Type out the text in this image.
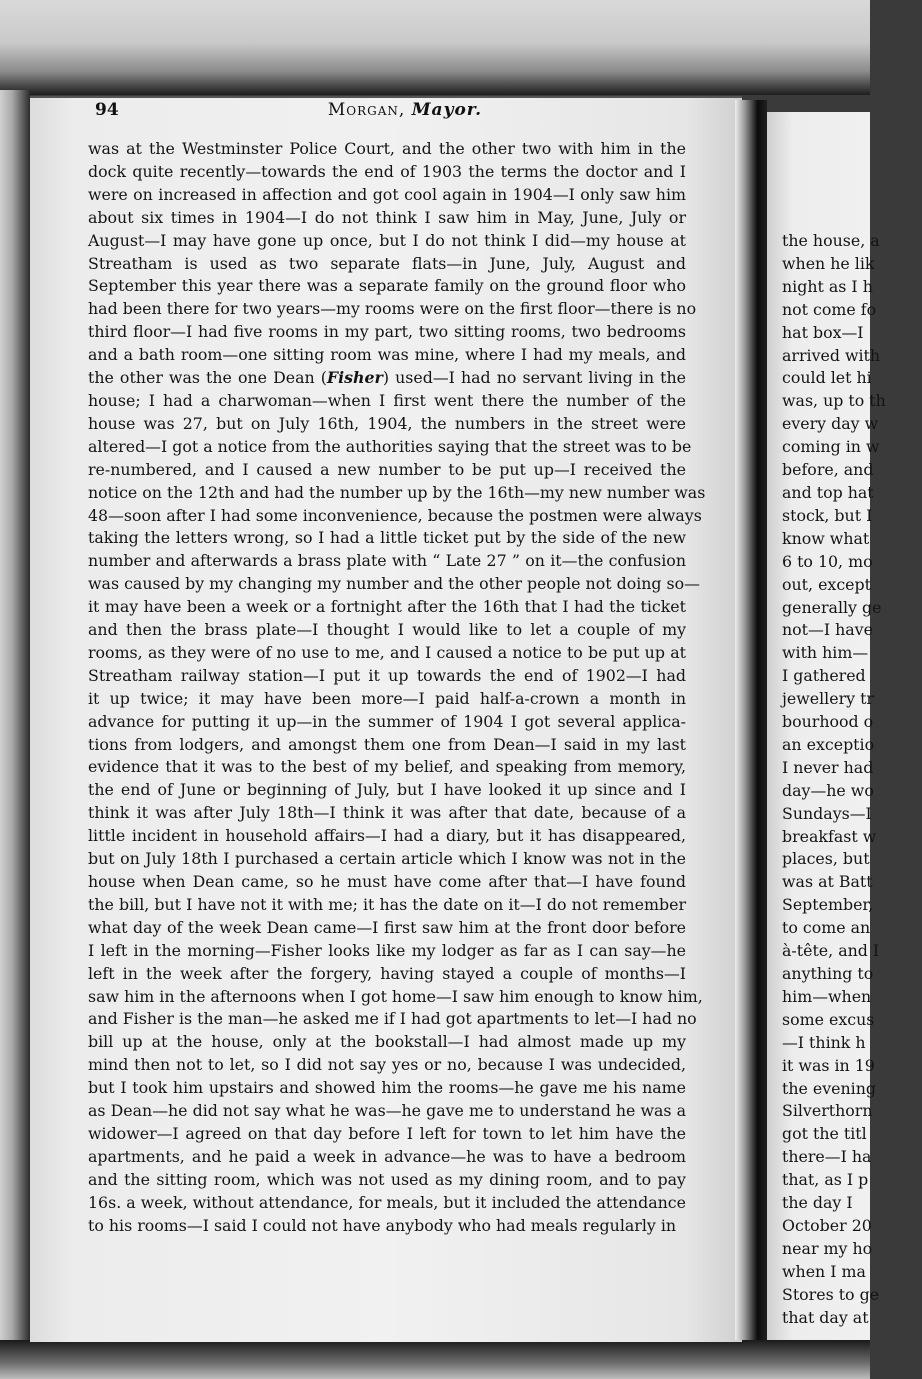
94	Morgan, Mayor.
was at the Westminster Police Court, and the other two with him in the
dock quite recently—towards the end of 1903 the terms the doctor and I
were on increased in affection and got cool again in 1904—I only saw him
about six times in 1904—I do not think I saw him in May, June, July or
August—I may have gone up once, but I do not think I did—my house at
Streatham is used as two separate flats—in June, July, August and
September this year there was a separate family on the ground floor who
had been there for two years—my rooms were on the first floor—there is no
third floor—I had five rooms in my part, two sitting rooms, two bedrooms
and a bath room—one sitting room was mine, where I had my meals, and
the other was the one Dean (Fisher) used—I had no servant living in the
house; I had a charwoman—when I first went there the number of the
house was 27, but on July 16th, 1904, the numbers in the street were
altered—I got a notice from the authorities saying that the street was to be
re-numbered, and I caused a new number to be put up—I received the
notice on the 12th and had the number up by the 16th—my new number was
48—soon after I had some inconvenience, because the postmen were always
taking the letters wrong, so I had a little ticket put by the side of the new
number and afterwards a brass plate with “ Late 27 ” on it—the confusion
was caused by my changing my number and the other people not doing so—
it may have been a week or a fortnight after the 16th that I had the ticket
and then the brass plate—I thought I would like to let a couple of my
rooms, as they were of no use to me, and I caused a notice to be put up at
Streatham railway station—I put it up towards the end of 1902—I had
it up twice; it may have been more—I paid half-a-crown a month in
advance for putting it up—in the summer of 1904 I got several applica-
tions from lodgers, and amongst them one from Dean—I said in my last
evidence that it was to the best of my belief, and speaking from memory,
the end of June or beginning of July, but I have looked it up since and I
think it was after July 18th—I think it was after that date, because of a
little incident in household affairs—I had a diary, but it has disappeared,
but on July 18th I purchased a certain article which I know was not in the
house when Dean came, so he must have come after that—I have found
the bill, but I have not it with me; it has the date on it—I do not remember
what day of the week Dean came—I first saw him at the front door before
I left in the morning—Fisher looks like my lodger as far as I can say—he
left in the week after the forgery, having stayed a couple of months—I
saw him in the afternoons when I got home—I saw him enough to know him,
and Fisher is the man—he asked me if I had got apartments to let—I had no
bill up at the house, only at the bookstall—I had almost made up my
mind then not to let, so I did not say yes or no, because I was undecided,
but I took him upstairs and showed him the rooms—he gave me his name
as Dean—he did not say what he was—he gave me to understand he was a
widower—I agreed on that day before I left for town to let him have the
apartments, and he paid a week in advance—he was to have a bedroom
and the sitting room, which was not used as my dining room, and to pay
16s. a week, without attendance, for meals, but it included the attendance
to his rooms—I said I could not have anybody who had meals regularly in
the house, a
when he lik
night as I h
not come fo
hat box—I
arrived with
could let hi
was, up to th
every day w
coming in w
before, and
and top hat
stock, but I
know what
6 to 10, mo
out, except
generally ge
not—I have
with him—
I gathered
jewellery tr
bourhood o
an exceptio
I never had
day—he wo
Sundays—I
breakfast w
places, but
was at Batt
September,
to come an
à-tête, and I
anything to
him—when
some excus
—I think h
it was in 19
the evening
Silverthorn
got the titl
there—I ha
that, as I p
the day I
October 20
near my ho
when I ma
Stores to ge
that day at
